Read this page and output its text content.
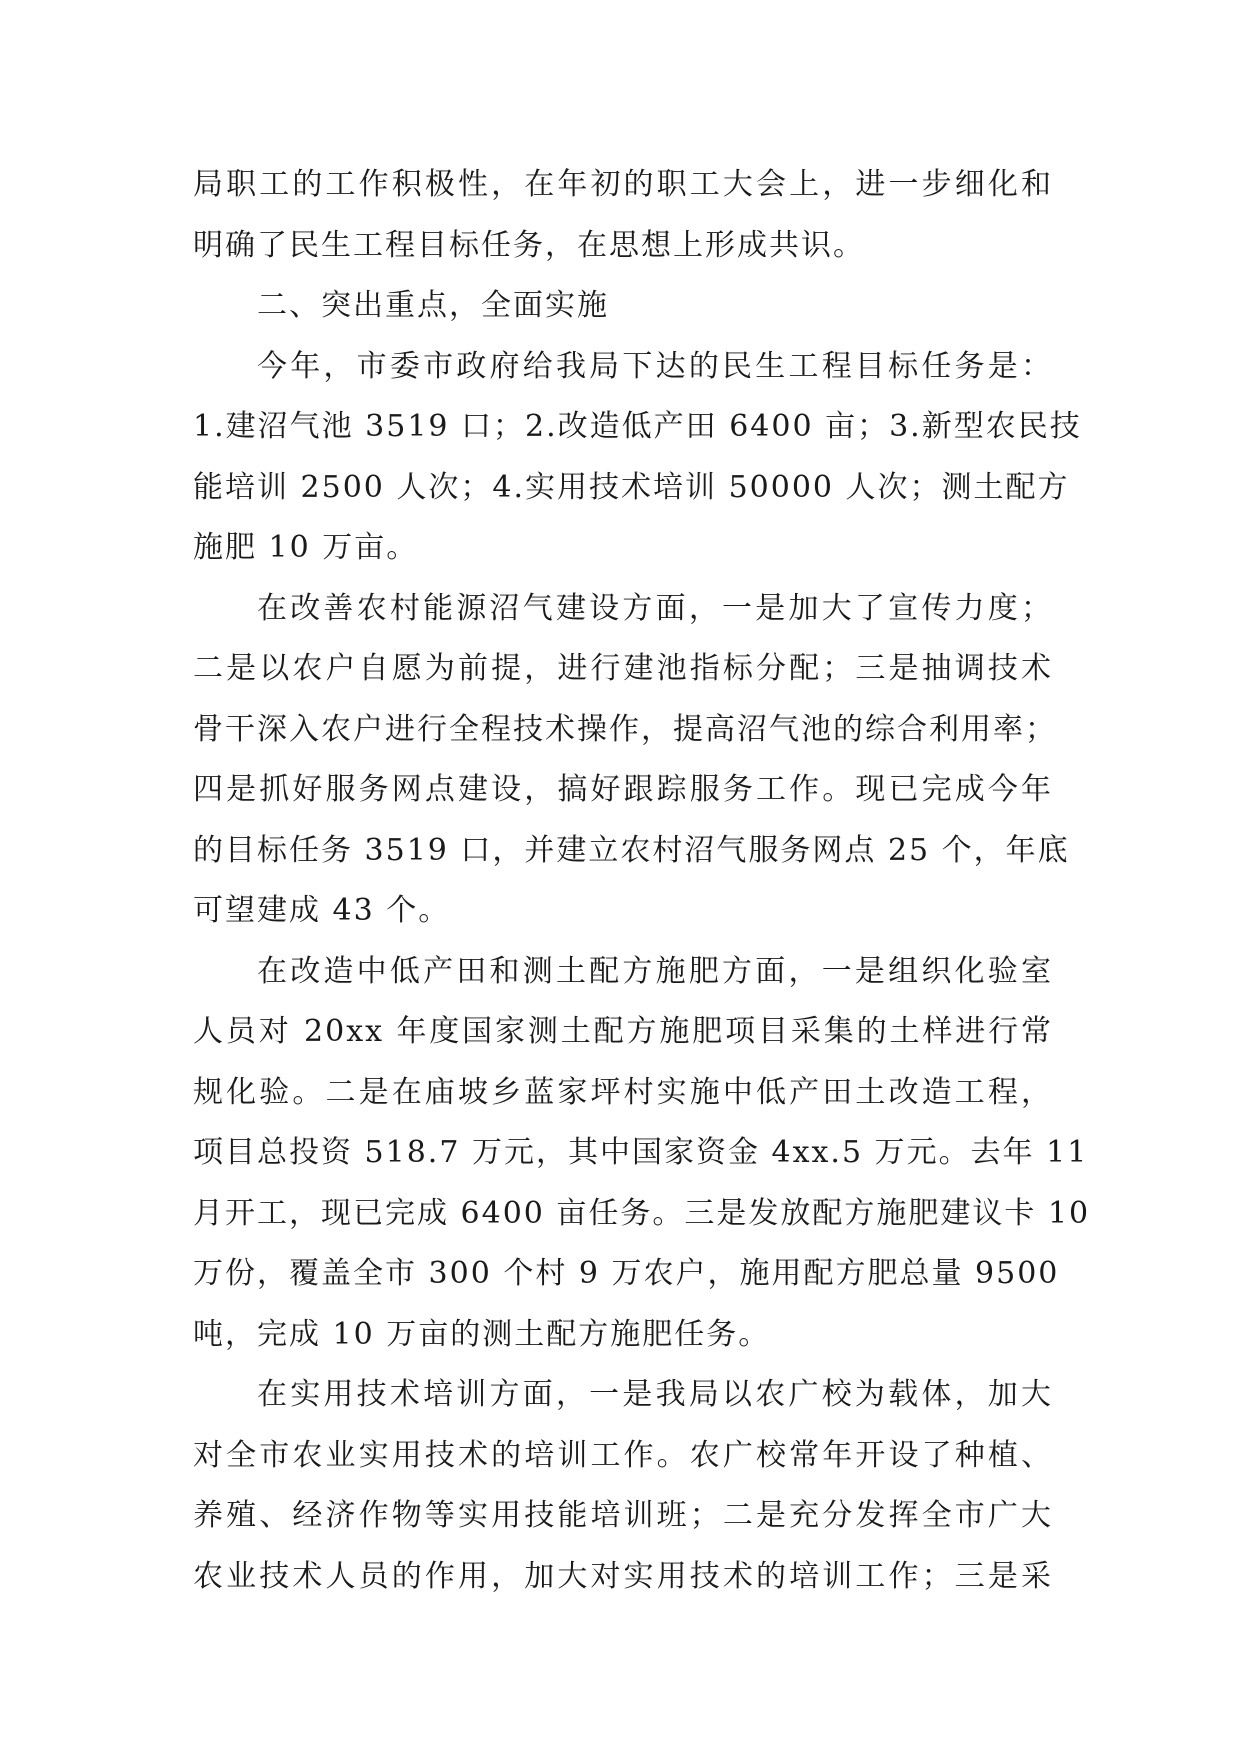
局职工的工作积极性，在年初的职工大会上，进一步细化和
明确了民生工程目标任务，在思想上形成共识。

二、突出重点，全面实施

今年，市委市政府给我局下达的民生工程目标任务是：
1.建沼气池 3519 口；2.改造低产田 6400 亩；3.新型农民技
能培训 2500 人次；4.实用技术培训 50000 人次；测土配方
施肥 10 万亩。

在改善农村能源沼气建设方面，一是加大了宣传力度；
二是以农户自愿为前提，进行建池指标分配；三是抽调技术
骨干深入农户进行全程技术操作，提高沼气池的综合利用率；
四是抓好服务网点建设，搞好跟踪服务工作。现已完成今年
的目标任务 3519 口，并建立农村沼气服务网点 25 个，年底
可望建成 43 个。

在改造中低产田和测土配方施肥方面，一是组织化验室
人员对 20xx 年度国家测土配方施肥项目采集的土样进行常
规化验。二是在庙坡乡蓝家坪村实施中低产田土改造工程，
项目总投资 518.7 万元，其中国家资金 4xx.5 万元。去年 11
月开工，现已完成 6400 亩任务。三是发放配方施肥建议卡 10
万份，覆盖全市 300 个村 9 万农户，施用配方肥总量 9500
吨，完成 10 万亩的测土配方施肥任务。

在实用技术培训方面，一是我局以农广校为载体，加大
对全市农业实用技术的培训工作。农广校常年开设了种植、
养殖、经济作物等实用技能培训班；二是充分发挥全市广大
农业技术人员的作用，加大对实用技术的培训工作；三是采
